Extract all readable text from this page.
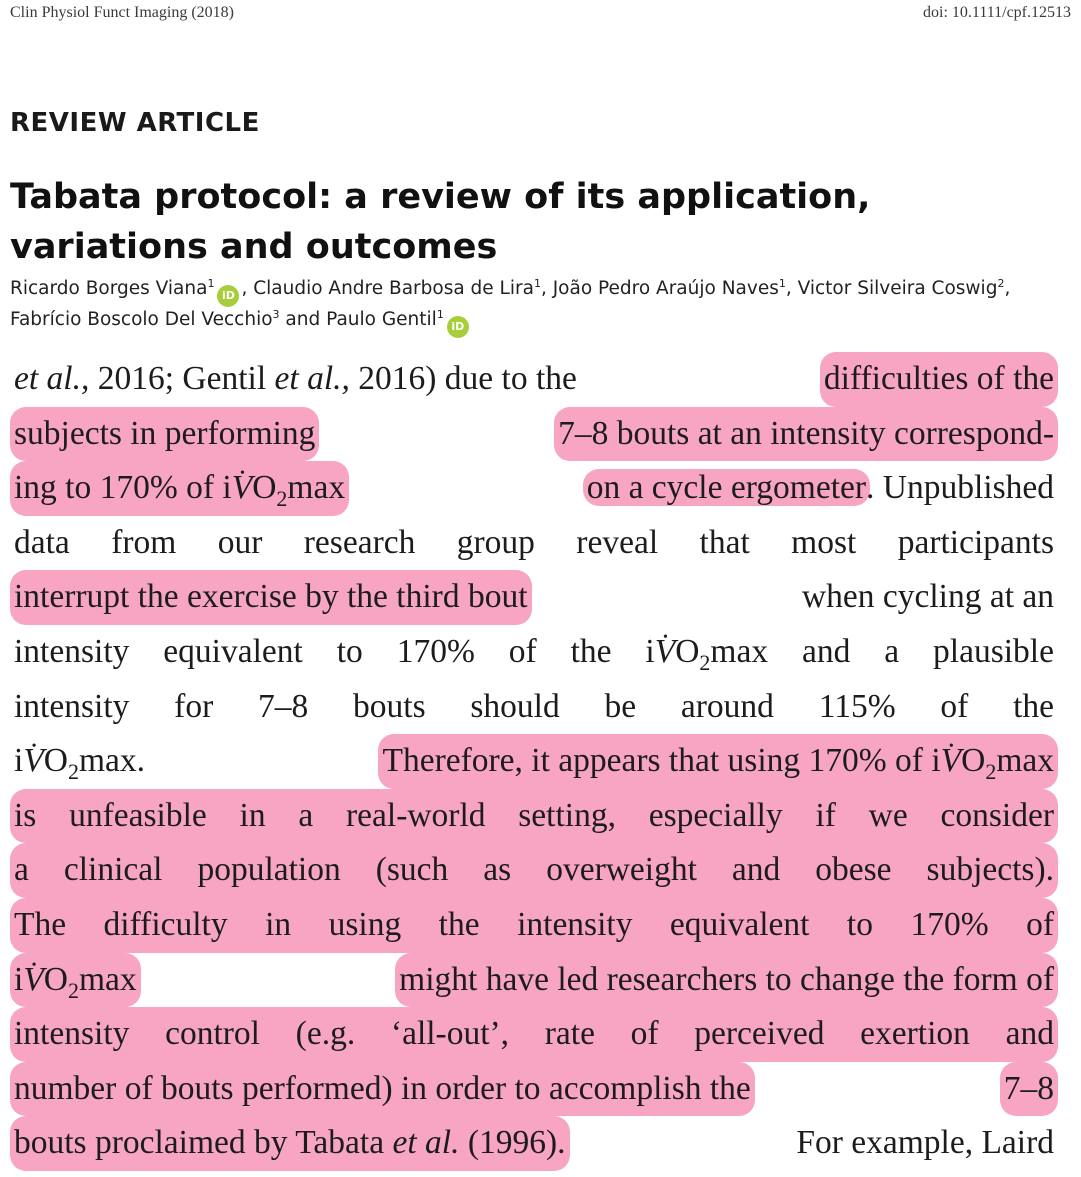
Clin Physiol Funct Imaging (2018)	doi: 10.1111/cpf.12513
REVIEW ARTICLE
Tabata protocol: a review of its application, variations and outcomes
Ricardo Borges Viana$^1$iD , Claudio Andre Barbosa de Lira$^1$, João Pedro Araújo Naves$^1$, Victor Silveira Coswig$^2$,
Fabrício Boscolo Del Vecchio$^3$ and Paulo Gentil$^1$iD
et al., 2016; Gentil et al., 2016) due to the	difficulties of the
subjects in performing	7–8 bouts at an intensity correspond-
ing to 170% of i• $VO_2\max$	on a cycle ergometer. Unpublished
data from our research group reveal that most participants
interrupt the exercise by the third bout	when cycling at an
intensity equivalent to 170% of the i• $VO_2\max$ and a plausible
intensity for 7–8 bouts should be around 115% of the
i• $VO_2\max$.	Therefore, it appears that using 170% of i• $VO_2\max$
is unfeasible in a real-world setting, especially if we consider
a clinical population (such as overweight and obese subjects).
The difficulty in using the intensity equivalent to 170% of
i• $VO_2\max$	might have led researchers to change the form of
intensity control (e.g. ‘all-out’, rate of perceived exertion and
number of bouts performed) in order to accomplish the	7–8
bouts proclaimed by Tabata et al. (1996).	For example, Laird
